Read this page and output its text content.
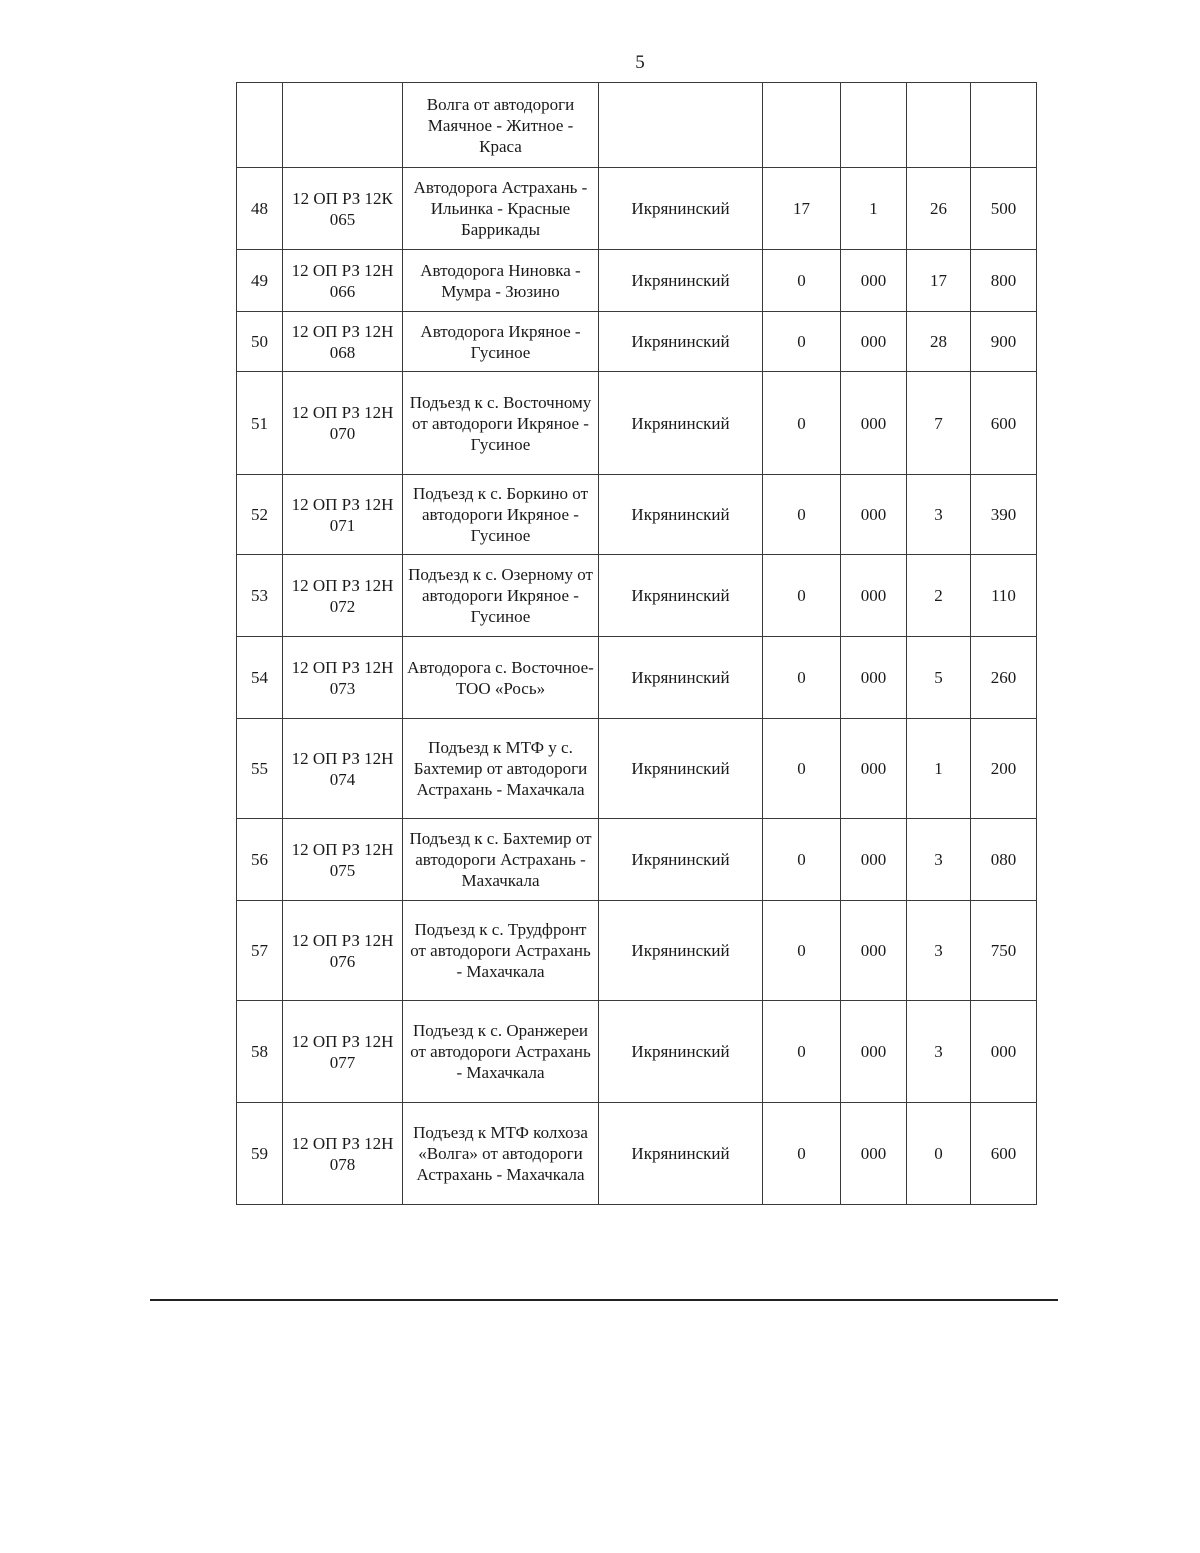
5
		Волга от автодороги Маячное - Житное - Краса					
48	12 ОП РЗ 12К 065	Автодорога Астрахань - Ильинка - Красные Баррикады	Икрянинский	17	1	26	500
49	12 ОП РЗ 12Н 066	Автодорога Ниновка - Мумра - Зюзино	Икрянинский	0	000	17	800
50	12 ОП РЗ 12Н 068	Автодорога Икряное - Гусиное	Икрянинский	0	000	28	900
51	12 ОП РЗ 12Н 070	Подъезд к с. Восточному от автодороги Икряное - Гусиное	Икрянинский	0	000	7	600
52	12 ОП РЗ 12Н 071	Подъезд к с. Боркино от автодороги Икряное - Гусиное	Икрянинский	0	000	3	390
53	12 ОП РЗ 12Н 072	Подъезд к с. Озерному от автодороги Икряное - Гусиное	Икрянинский	0	000	2	110
54	12 ОП РЗ 12Н 073	Автодорога с. Восточное-ТОО «Рось»	Икрянинский	0	000	5	260
55	12 ОП РЗ 12Н 074	Подъезд к МТФ у с. Бахтемир от автодороги Астрахань - Махачкала	Икрянинский	0	000	1	200
56	12 ОП РЗ 12Н 075	Подъезд к с. Бахтемир от автодороги Астрахань - Махачкала	Икрянинский	0	000	3	080
57	12 ОП РЗ 12Н 076	Подъезд к с. Трудфронт от автодороги Астрахань - Махачкала	Икрянинский	0	000	3	750
58	12 ОП РЗ 12Н 077	Подъезд к с. Оранжереи от автодороги Астрахань - Махачкала	Икрянинский	0	000	3	000
59	12 ОП РЗ 12Н 078	Подъезд к МТФ колхоза «Волга» от автодороги Астрахань - Махачкала	Икрянинский	0	000	0	600
